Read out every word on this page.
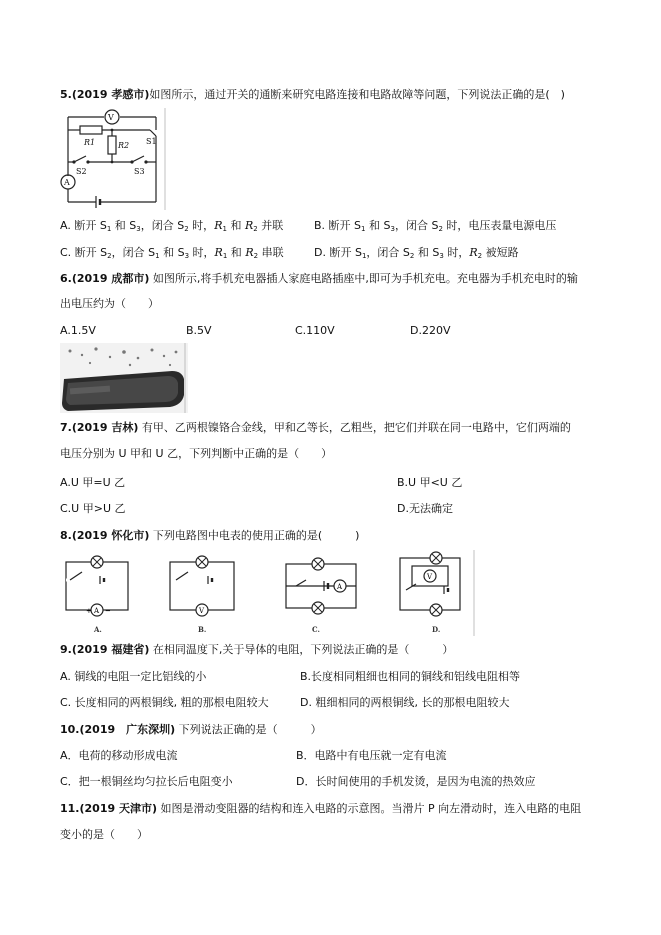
5.(2019 孝感市)如图所示，通过开关的通断来研究电路连接和电路故障等问题，下列说法正确的是(　)
V
A
R1	R2 S1
S2	S3
A. 断开 $S_1$ 和 $S_3$，闭合 $S_2$ 时，$R_1$ 和 $R_2$ 并联	B. 断开 $S_1$ 和 $S_3$，闭合 $S_2$ 时，电压表量电源电压
C. 断开 $S_2$，闭合 $S_1$ 和 $S_3$ 时，$R_1$ 和 $R_2$ 串联	D. 断开 $S_1$，闭合 $S_2$ 和 $S_3$ 时，$R_2$ 被短路
6.(2019 成都市) 如图所示,将手机充电器插人家庭电路插座中,即可为手机充电。充电器为手机充电时的输
出电压约为（　　）
A.1.5V	B.5V	C.110V	D.220V
7.(2019 吉林) 有甲、乙两根镍铬合金线，甲和乙等长，乙粗些，把它们并联在同一电路中，它们两端的
电压分别为 U 甲和 U 乙，下列判断中正确的是（　　）
A.U 甲=U 乙	B.U 甲<U 乙
C.U 甲>U 乙	D.无法确定
8.(2019 怀化市) 下列电路图中电表的使用正确的是(　　　)
A
+ −	V
A
V
A.	B.	C.	D.
9.(2019 福建省) 在相同温度下,关于导体的电阻，下列说法正确的是（　　　）
A. 铜线的电阻一定比铝线的小	B.长度相同粗细也相同的铜线和铝线电阻相等
C. 长度相同的两根铜线, 粗的那根电阻较大	D. 粗细相同的两根铜线, 长的那根电阻较大
10.(2019　广东深圳) 下列说法正确的是（　　　）
A．电荷的移动形成电流	B．电路中有电压就一定有电流
C．把一根铜丝均匀拉长后电阻变小	D．长时间使用的手机发烫，是因为电流的热效应
11.(2019 天津市) 如图是滑动变阻器的结构和连入电路的示意图。当滑片 P 向左滑动时，连入电路的电阻
变小的是（　　）
